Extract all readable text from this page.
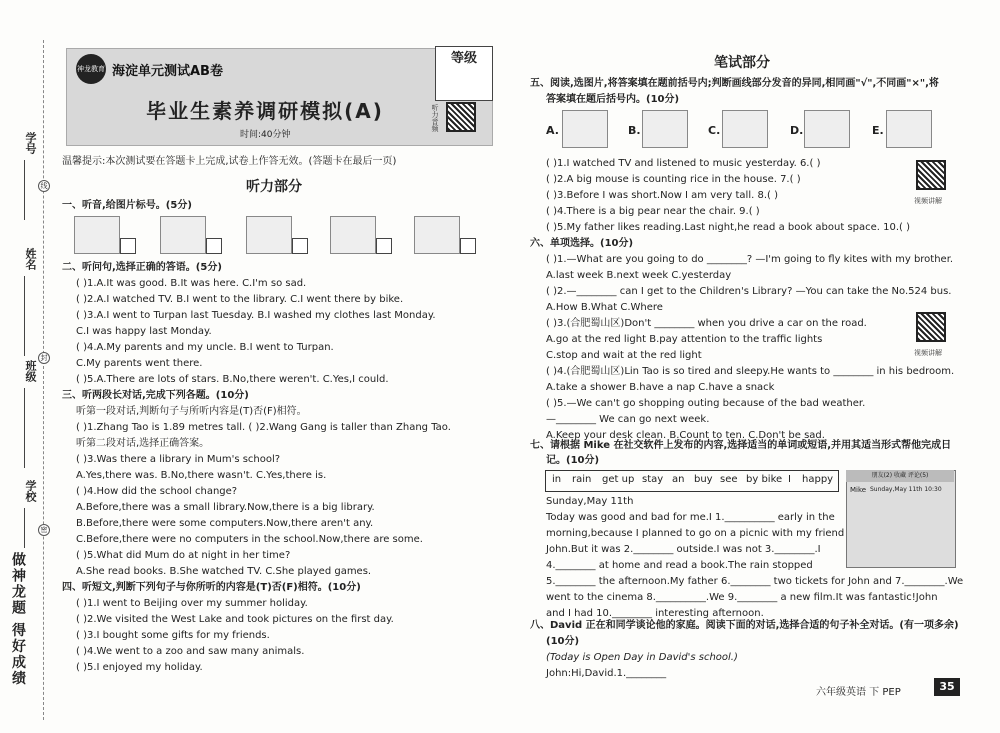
学号
姓名
班级
学校
线
封
密
做神龙题 得好成绩
神龙教育 海淀单元测试AB卷
等级
毕业生素养调研模拟(A)
时间:40分钟
听力音频
温馨提示:本次测试要在答题卡上完成,试卷上作答无效。(答题卡在最后一页)
听力部分
一、听音,给图片标号。(5分)
二、听问句,选择正确的答语。(5分)
( )1.A.It was good. B.It was here. C.I'm so sad.
( )2.A.I watched TV. B.I went to the library. C.I went there by bike.
( )3.A.I went to Turpan last Tuesday. B.I washed my clothes last Monday.
C.I was happy last Monday.
( )4.A.My parents and my uncle. B.I went to Turpan.
C.My parents went there.
( )5.A.There are lots of stars. B.No,there weren't. C.Yes,I could.
三、听两段长对话,完成下列各题。(10分)
听第一段对话,判断句子与所听内容是(T)否(F)相符。
( )1.Zhang Tao is 1.89 metres tall. ( )2.Wang Gang is taller than Zhang Tao.
听第二段对话,选择正确答案。
( )3.Was there a library in Mum's school?
A.Yes,there was. B.No,there wasn't. C.Yes,there is.
( )4.How did the school change?
A.Before,there was a small library.Now,there is a big library.
B.Before,there were some computers.Now,there aren't any.
C.Before,there were no computers in the school.Now,there are some.
( )5.What did Mum do at night in her time?
A.She read books. B.She watched TV. C.She played games.
四、听短文,判断下列句子与你所听的内容是(T)否(F)相符。(10分)
( )1.I went to Beijing over my summer holiday.
( )2.We visited the West Lake and took pictures on the first day.
( )3.I bought some gifts for my friends.
( )4.We went to a zoo and saw many animals.
( )5.I enjoyed my holiday.
笔试部分
五、阅读,选图片,将答案填在题前括号内;判断画线部分发音的异同,相同画"√",不同画"×",将
答案填在题后括号内。(10分)
A.	B.	C.	D.	E.
( )1.I watched TV and listened to music yesterday. 6.( )
( )2.A big mouse is counting rice in the house. 7.( )
( )3.Before I was short.Now I am very tall. 8.( )
( )4.There is a big pear near the chair. 9.( )
( )5.My father likes reading.Last night,he read a book about space. 10.( )
视频讲解
六、单项选择。(10分)
( )1.—What are you going to do ________? —I'm going to fly kites with my brother.
A.last week B.next week C.yesterday
( )2.—________ can I get to the Children's Library? —You can take the No.524 bus.
A.How B.What C.Where
( )3.(合肥蜀山区)Don't ________ when you drive a car on the road.
A.go at the red light B.pay attention to the traffic lights
C.stop and wait at the red light
( )4.(合肥蜀山区)Lin Tao is so tired and sleepy.He wants to ________ in his bedroom.
A.take a shower B.have a nap C.have a snack
( )5.—We can't go shopping outing because of the bad weather.
—________ We can go next week.
A.Keep your desk clean. B.Count to ten. C.Don't be sad.
视频讲解
七、请根据 Mike 在社交软件上发布的内容,选择适当的单词或短语,并用其适当形式帮他完成日
记。(10分)
in rain get up stay an buy see by bike I happy	朋友(2) 收藏 评论(5)
Mike Sunday,May 11th 10:30
Sunday,May 11th
Today was good and bad for me.I 1.__________ early in the
morning,because I planned to go on a picnic with my friend
John.But it was 2.________ outside.I was not 3.________.I
4.________ at home and read a book.The rain stopped
5.________ the afternoon.My father 6.________ two tickets for John and 7.________.We
went to the cinema 8.__________.We 9.________ a new film.It was fantastic!John
and I had 10.________ interesting afternoon.
八、David 正在和同学谈论他的家庭。阅读下面的对话,选择合适的句子补全对话。(有一项多余)
(10分)
(Today is Open Day in David's school.)
John:Hi,David.1.________
六年级英语 下 PEP	35
